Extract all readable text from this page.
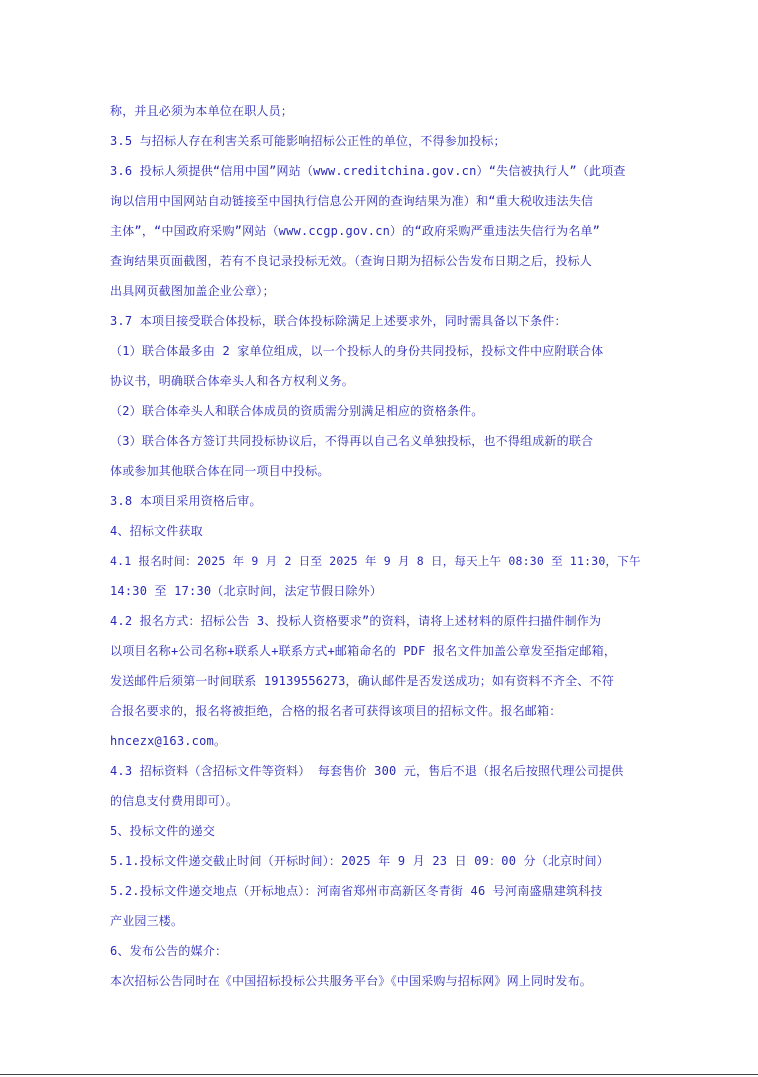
称，并且必须为本单位在职人员；
3.5 与招标人存在利害关系可能影响招标公正性的单位，不得参加投标；
3.6 投标人须提供“信用中国”网站（www.creditchina.gov.cn）“失信被执行人”（此项查
询以信用中国网站自动链接至中国执行信息公开网的查询结果为准）和“重大税收违法失信
主体”，“中国政府采购”网站（www.ccgp.gov.cn）的“政府采购严重违法失信行为名单”
查询结果页面截图，若有不良记录投标无效。（查询日期为招标公告发布日期之后，投标人
出具网页截图加盖企业公章）；
3.7 本项目接受联合体投标，联合体投标除满足上述要求外，同时需具备以下条件：
（1）联合体最多由 2 家单位组成，以一个投标人的身份共同投标，投标文件中应附联合体
协议书，明确联合体牵头人和各方权利义务。
（2）联合体牵头人和联合体成员的资质需分别满足相应的资格条件。
（3）联合体各方签订共同投标协议后，不得再以自己名义单独投标，也不得组成新的联合
体或参加其他联合体在同一项目中投标。
3.8 本项目采用资格后审。
4、招标文件获取
4.1 报名时间：2025 年 9 月 2 日至 2025 年 9 月 8 日，每天上午 08:30 至 11:30，下午
14:30 至 17:30（北京时间，法定节假日除外）
4.2 报名方式：招标公告 3、投标人资格要求”的资料，请将上述材料的原件扫描件制作为
以项目名称+公司名称+联系人+联系方式+邮箱命名的 PDF 报名文件加盖公章发至指定邮箱，
发送邮件后须第一时间联系 19139556273，确认邮件是否发送成功；如有资料不齐全、不符
合报名要求的，报名将被拒绝，合格的报名者可获得该项目的招标文件。报名邮箱：
hncezx@163.com。
4.3 招标资料（含招标文件等资料） 每套售价 300 元，售后不退（报名后按照代理公司提供
的信息支付费用即可）。
5、投标文件的递交
5.1.投标文件递交截止时间（开标时间）：2025 年 9 月 23 日 09：00 分（北京时间）
5.2.投标文件递交地点（开标地点）：河南省郑州市高新区冬青街 46 号河南盛鼎建筑科技
产业园三楼。
6、发布公告的媒介：
本次招标公告同时在《中国招标投标公共服务平台》《中国采购与招标网》网上同时发布。
